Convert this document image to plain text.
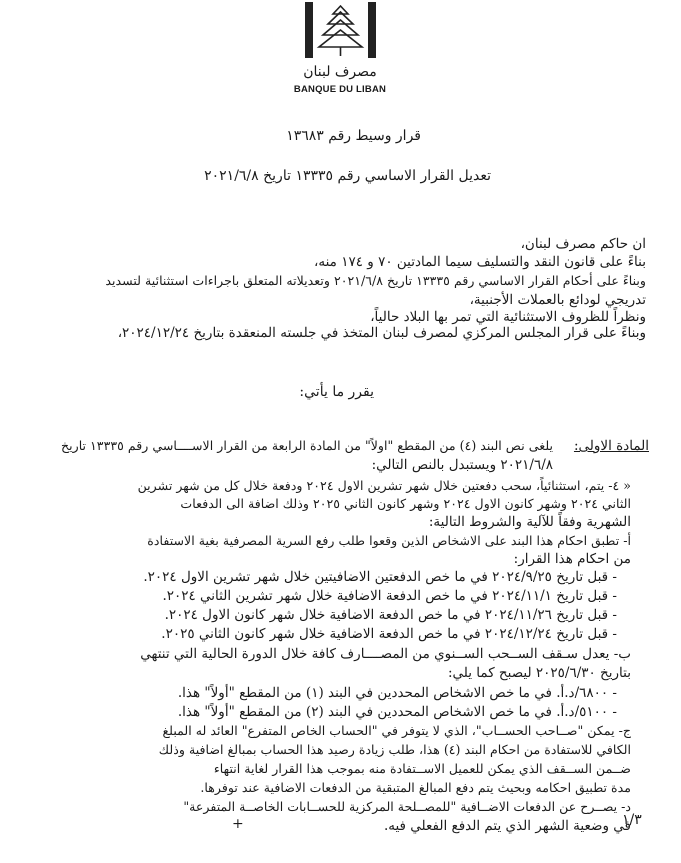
مصرف لبنان
BANQUE DU LIBAN
قرار وسيط رقم ١٣٦٨٣
تعديل القرار الاساسي رقم ١٣٣٣٥ تاريخ ٢٠٢١/٦/٨
ان حاكم مصرف لبنان،
بناءً على قانون النقد والتسليف سيما المادتين ٧٠ و ١٧٤ منه،
وبناءً على أحكام القرار الاساسي رقم ١٣٣٣٥ تاريخ ٢٠٢١/٦/٨ وتعديلاته المتعلق باجراءات استثنائية لتسديد
تدريجي لودائع بالعملات الأجنبية،
ونظراً للظروف الاستثنائية التي تمر بها البلاد حالياً،
وبناءً على قرار المجلس المركزي لمصرف لبنان المتخذ في جلسته المنعقدة بتاريخ ٢٠٢٤/١٢/٢٤،
يقرر ما يأتي:
المادة الاولى:
يلغى نص البند (٤) من المقطع "اولاً" من المادة الرابعة من القرار الاســــاسي رقم ١٣٣٣٥ تاريخ
٢٠٢١/٦/٨ ويستبدل بالنص التالي:
« ٤- يتم، استثنائياً، سحب دفعتين خلال شهر تشرين الاول ٢٠٢٤ ودفعة خلال كل من شهر تشرين
الثاني ٢٠٢٤ وشهر كانون الاول ٢٠٢٤ وشهر كانون الثاني ٢٠٢٥ وذلك اضافة الى الدفعات
الشهرية وفقاً للآلية والشروط التالية:
أ- تطبق احكام هذا البند على الاشخاص الذين وقعوا طلب رفع السرية المصرفية بغية الاستفادة
من احكام هذا القرار:
- قبل تاريخ ٢٠٢٤/٩/٢٥ في ما خص الدفعتين الاضافيتين خلال شهر تشرين الاول ٢٠٢٤.
- قبل تاريخ ٢٠٢٤/١١/١ في ما خص الدفعة الاضافية خلال شهر تشرين الثاني ٢٠٢٤.
- قبل تاريخ ٢٠٢٤/١١/٢٦ في ما خص الدفعة الاضافية خلال شهر كانون الاول ٢٠٢٤.
- قبل تاريخ ٢٠٢٤/١٢/٢٤ في ما خص الدفعة الاضافية خلال شهر كانون الثاني ٢٠٢٥.
ب- يعدل سـقف الســحب الســنوي من المصــــارف كافة خلال الدورة الحالية التي تنتهي
بتاريخ ٢٠٢٥/٦/٣٠ ليصبح كما يلي:
- ٦٨٠٠/د.أ. في ما خص الاشخاص المحددين في البند (١) من المقطع "أولاً" هذا.
- ٥١٠٠/د.أ. في ما خص الاشخاص المحددين في البند (٢) من المقطع "أولاً" هذا.
ج- يمكن "صــاحب الحســاب"، الذي لا يتوفر في "الحساب الخاص المتفرع" العائد له المبلغ
الكافي للاستفادة من احكام البند (٤) هذا، طلب زيادة رصيد هذا الحساب بمبالغ اضافية وذلك
ضــمن الســقف الذي يمكن للعميل الاســتفادة منه بموجب هذا القرار لغاية انتهاء
مدة تطبيق احكامه وبحيث يتم دفع المبالغ المتبقية من الدفعات الاضافية عند توفرها.
د- يصــرح عن الدفعات الاضــافية "للمصــلحة المركزية للحســابات الخاصــة المتفرعة"
في وضعية الشهر الذي يتم الدفع الفعلي فيه.
+	١/٣
